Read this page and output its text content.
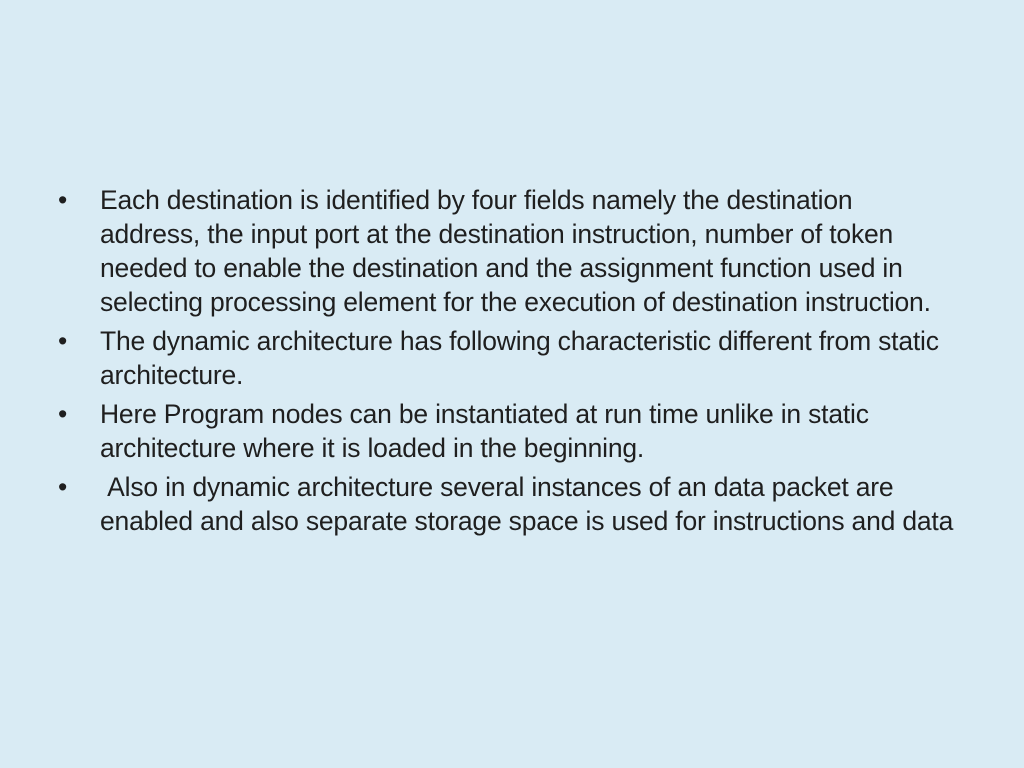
•	Each destination is identified by four fields namely the destination address, the input port at the destination instruction, number of token needed to enable the destination and the assignment function used in selecting processing element for the execution of destination instruction.
•	The dynamic architecture has following characteristic different from static architecture.
•	Here Program nodes can be instantiated at run time unlike in static architecture where it is loaded in the beginning.
•	Also in dynamic architecture several instances of an data packet are enabled and also separate storage space is used for instructions and data
